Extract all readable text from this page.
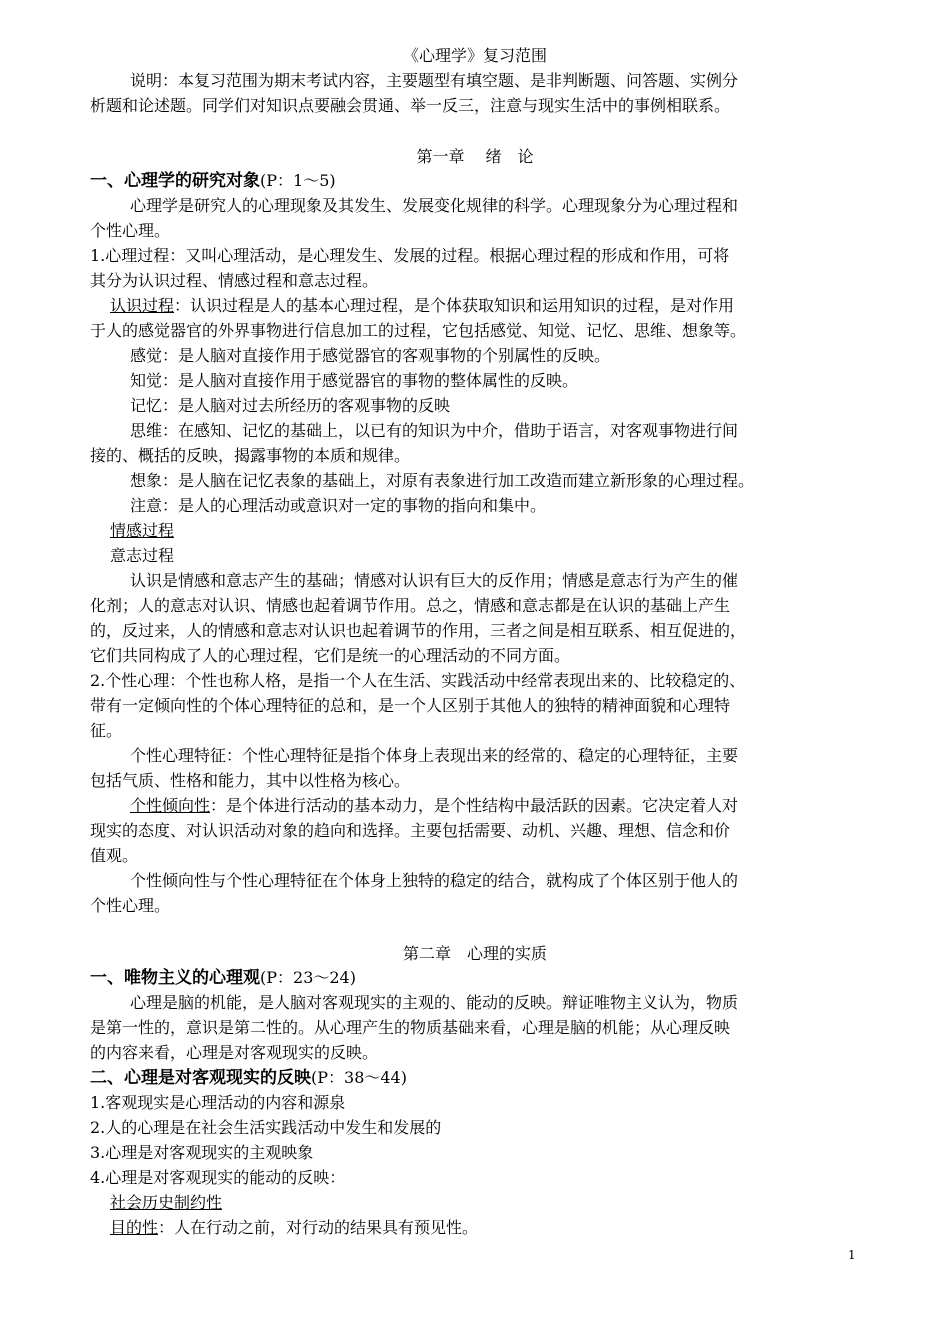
《心理学》复习范围
说明：本复习范围为期末考试内容，主要题型有填空题、是非判断题、问答题、实例分
析题和论述题。同学们对知识点要融会贯通、举一反三，注意与现实生活中的事例相联系。
第一章　 绪　论
一、心理学的研究对象(P：1～5)
心理学是研究人的心理现象及其发生、发展变化规律的科学。心理现象分为心理过程和
个性心理。
1.心理过程：又叫心理活动，是心理发生、发展的过程。根据心理过程的形成和作用，可将
其分为认识过程、情感过程和意志过程。
认识过程：认识过程是人的基本心理过程，是个体获取知识和运用知识的过程，是对作用
于人的感觉器官的外界事物进行信息加工的过程，它包括感觉、知觉、记忆、思维、想象等。
感觉：是人脑对直接作用于感觉器官的客观事物的个别属性的反映。
知觉：是人脑对直接作用于感觉器官的事物的整体属性的反映。
记忆：是人脑对过去所经历的客观事物的反映
思维：在感知、记忆的基础上，以已有的知识为中介，借助于语言，对客观事物进行间
接的、概括的反映，揭露事物的本质和规律。
想象：是人脑在记忆表象的基础上，对原有表象进行加工改造而建立新形象的心理过程。
注意：是人的心理活动或意识对一定的事物的指向和集中。
情感过程
意志过程
认识是情感和意志产生的基础；情感对认识有巨大的反作用；情感是意志行为产生的催
化剂；人的意志对认识、情感也起着调节作用。总之，情感和意志都是在认识的基础上产生
的，反过来，人的情感和意志对认识也起着调节的作用，三者之间是相互联系、相互促进的，
它们共同构成了人的心理过程，它们是统一的心理活动的不同方面。
2.个性心理：个性也称人格，是指一个人在生活、实践活动中经常表现出来的、比较稳定的、
带有一定倾向性的个体心理特征的总和，是一个人区别于其他人的独特的精神面貌和心理特
征。
个性心理特征：个性心理特征是指个体身上表现出来的经常的、稳定的心理特征，主要
包括气质、性格和能力，其中以性格为核心。
个性倾向性：是个体进行活动的基本动力，是个性结构中最活跃的因素。它决定着人对
现实的态度、对认识活动对象的趋向和选择。主要包括需要、动机、兴趣、理想、信念和价
值观。
个性倾向性与个性心理特征在个体身上独特的稳定的结合，就构成了个体区别于他人的
个性心理。
第二章　心理的实质
一、唯物主义的心理观(P：23～24)
心理是脑的机能，是人脑对客观现实的主观的、能动的反映。辩证唯物主义认为，物质
是第一性的，意识是第二性的。从心理产生的物质基础来看，心理是脑的机能；从心理反映
的内容来看，心理是对客观现实的反映。
二、心理是对客观现实的反映(P：38～44)
1.客观现实是心理活动的内容和源泉
2.人的心理是在社会生活实践活动中发生和发展的
3.心理是对客观现实的主观映象
4.心理是对客观现实的能动的反映：
社会历史制约性
目的性：人在行动之前，对行动的结果具有预见性。
1
